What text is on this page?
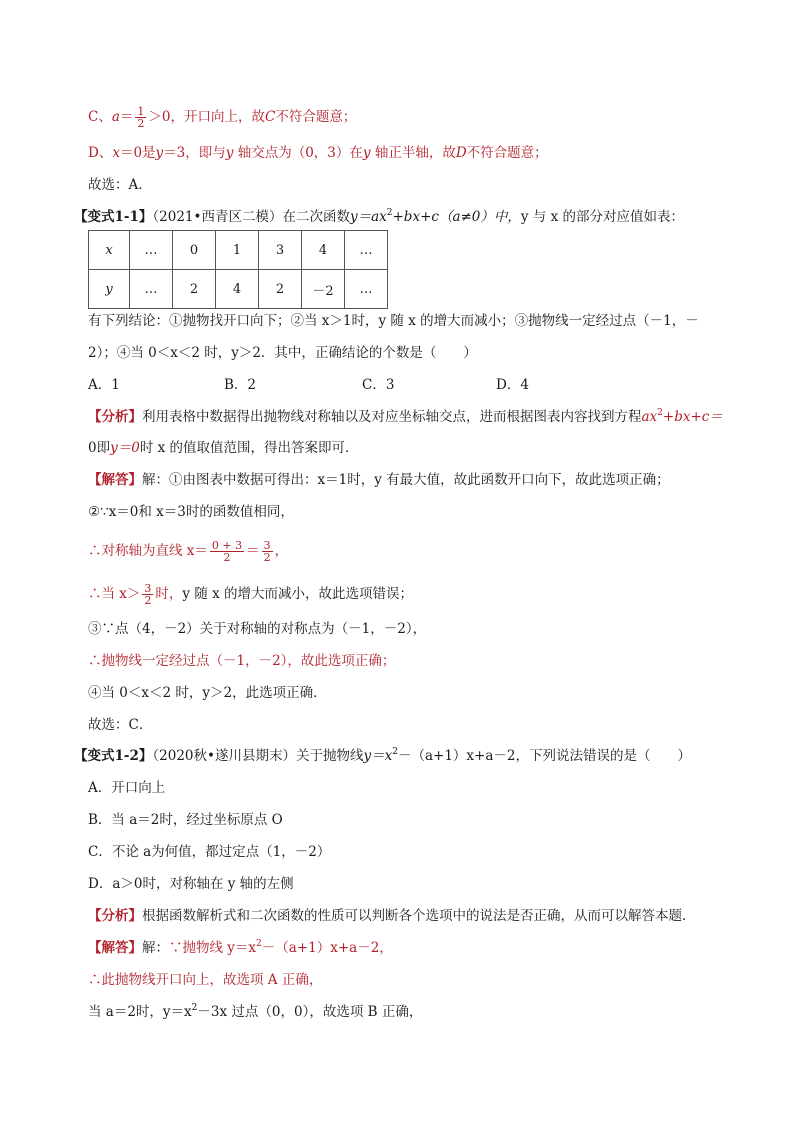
C、$a= \frac{1}{2} >0$，开口向上，故C不符合题意；
D、x＝0是y＝3，即与y 轴交点为（0，3）在y 轴正半轴，故D不符合题意；
故选：A．
【变式1-1】（2021•西青区二模）在二次函数$y=ax^2+bx+c(a\ne 0)$中，y 与 x 的部分对应值如表：
x	…	0	1	3	4	…
y	…	2	4	2	－2	…
有下列结论：①抛物找开口向下；②当 x＞1时，y 随 x 的增大而减小；③抛物线一定经过点（－1，－
2）；④当 0＜x＜2 时，y＞2．其中，正确结论的个数是（　　）
A．1	B．2	C．3	D．4
【分析】利用表格中数据得出抛物线对称轴以及对应坐标轴交点，进而根据图表内容找到方程$ax^2+bx+c=$
0即y＝0时 x 的值取值范围，得出答案即可．
【解答】解：①由图表中数据可得出：x＝1时，y 有最大值，故此函数开口向下，故此选项正确；
②∵x＝0和 x＝3时的函数值相同，
∴对称轴为直线 $x= \frac{0 + 3}{2} = \frac{3}{2}$ ，
∴当 $x> \frac{3}{2}$ 时，y 随 x 的增大而减小，故此选项错误；
③∵点（4，－2）关于对称轴的对称点为（－1，－2），
∴抛物线一定经过点（－1，－2），故此选项正确；
④当 0＜x＜2 时，y＞2，此选项正确．
故选：C．
【变式1-2】（2020秋•遂川县期末）关于抛物线$y=x^2-(a+1)x+a-2$，下列说法错误的是（　　）
A．开口向上
B．当 a＝2时，经过坐标原点 O
C．不论 a为何值，都过定点（1，－2）
D．a＞0时，对称轴在 y 轴的左侧
【分析】根据函数解析式和二次函数的性质可以判断各个选项中的说法是否正确，从而可以解答本题．
【解答】解：∵抛物线 $y=x^2-(a+1)x+a-2$，
∴此抛物线开口向上，故选项 A 正确，
当 a＝2时，$y=x^2-3x$ 过点（0，0），故选项 B 正确，
